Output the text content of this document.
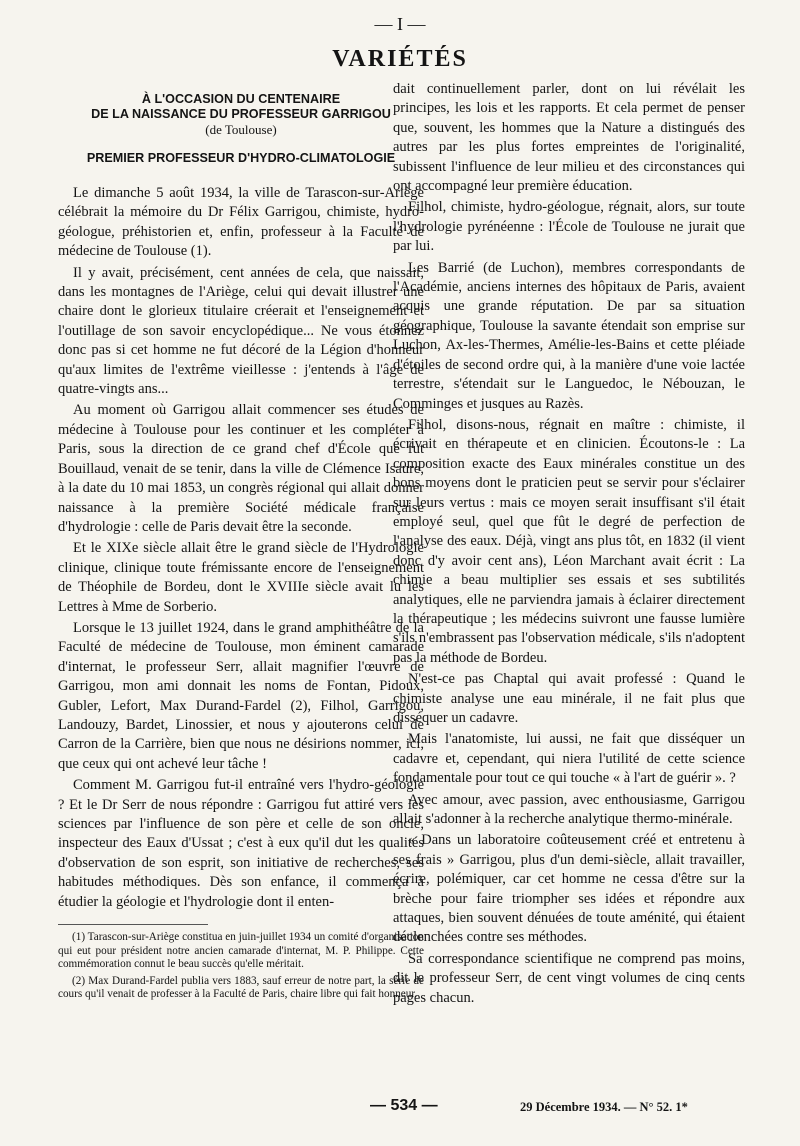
— I —
VARIÉTÉS
À L'OCCASION DU CENTENAIRE
DE LA NAISSANCE DU PROFESSEUR GARRIGOU
(de Toulouse)
PREMIER PROFESSEUR D'HYDRO-CLIMATOLOGIE

Le dimanche 5 août 1934, la ville de Tarascon-sur-Ariège célébrait la mémoire du Dr Félix Garrigou, chimiste, hydro-géologue, préhistorien et, enfin, professeur à la Faculté de médecine de Toulouse (1).

Il y avait, précisément, cent années de cela, que naissait, dans les montagnes de l'Ariège, celui qui devait illustrer une chaire dont le glorieux titulaire créerait et l'enseignement et l'outillage de son savoir encyclopédique... Ne vous étonnez donc pas si cet homme ne fut décoré de la Légion d'honneur qu'aux limites de l'extrême vieillesse : j'entends à l'âge de quatre-vingts ans...

Au moment où Garrigou allait commencer ses études de médecine à Toulouse pour les continuer et les compléter à Paris, sous la direction de ce grand chef d'École que fut Bouillaud, venait de se tenir, dans la ville de Clémence Isaure, à la date du 10 mai 1853, un congrès régional qui allait donner naissance à la première Société médicale française d'hydrologie : celle de Paris devait être la seconde.

Et le XIXe siècle allait être le grand siècle de l'Hydrologie clinique, clinique toute frémissante encore de l'enseignement de Théophile de Bordeu, dont le XVIIIe siècle avait lu les Lettres à Mme de Sorberio.

Lorsque le 13 juillet 1924, dans le grand amphithéâtre de la Faculté de médecine de Toulouse, mon éminent camarade d'internat, le professeur Serr, allait magnifier l'œuvre de Garrigou, mon ami donnait les noms de Fontan, Pidoux, Gubler, Lefort, Max Durand-Fardel (2), Filhol, Garrigou, Landouzy, Bardet, Linossier, et nous y ajouterons celui de Carron de la Carrière, bien que nous ne désirions nommer, ici, que ceux qui ont achevé leur tâche !

Comment M. Garrigou fut-il entraîné vers l'hydro-géologie ? Et le Dr Serr de nous répondre : Garrigou fut attiré vers les sciences par l'influence de son père et celle de son oncle, inspecteur des Eaux d'Ussat ; c'est à eux qu'il dut les qualités d'observation de son esprit, son initiative de recherches, ses habitudes méthodiques. Dès son enfance, il commença à étudier la géologie et l'hydrologie dont il enten-

(1) Tarascon-sur-Ariège constitua en juin-juillet 1934 un comité d'organisation qui eut pour président notre ancien camarade d'internat, M. P. Philippe. Cette commémoration connut le beau succès qu'elle méritait.

(2) Max Durand-Fardel publia vers 1883, sauf erreur de notre part, la série de cours qu'il venait de professer à la Faculté de Paris, chaire libre qui fait honneur.

dait continuellement parler, dont on lui révélait les principes, les lois et les rapports. Et cela permet de penser que, souvent, les hommes que la Nature a distingués des autres par les plus fortes empreintes de l'originalité, subissent l'influence de leur milieu et des circonstances qui ont accompagné leur première éducation.

Filhol, chimiste, hydro-géologue, régnait, alors, sur toute l'hydrologie pyrénéenne : l'École de Toulouse ne jurait que par lui.

Les Barrié (de Luchon), membres correspondants de l'Académie, anciens internes des hôpitaux de Paris, avaient acquis une grande réputation. De par sa situation géographique, Toulouse la savante étendait son emprise sur Luchon, Ax-les-Thermes, Amélie-les-Bains et cette pléiade d'étoiles de second ordre qui, à la manière d'une voie lactée terrestre, s'étendait sur le Languedoc, le Nébouzan, le Comminges et jusques au Razès.

Filhol, disons-nous, régnait en maître : chimiste, il écrivait en thérapeute et en clinicien. Écoutons-le : La composition exacte des Eaux minérales constitue un des bons moyens dont le praticien peut se servir pour s'éclairer sur leurs vertus : mais ce moyen serait insuffisant s'il était employé seul, quel que fût le degré de perfection de l'analyse des eaux. Déjà, vingt ans plus tôt, en 1832 (il vient donc d'y avoir cent ans), Léon Marchant avait écrit : La chimie a beau multiplier ses essais et ses subtilités analytiques, elle ne parviendra jamais à éclairer directement la thérapeutique ; les médecins suivront une fausse lumière s'ils n'embrassent pas l'observation médicale, s'ils n'adoptent pas la méthode de Bordeu.

N'est-ce pas Chaptal qui avait professé : Quand le chimiste analyse une eau minérale, il ne fait plus que disséquer un cadavre.

Mais l'anatomiste, lui aussi, ne fait que disséquer un cadavre et, cependant, qui niera l'utilité de cette science fondamentale pour tout ce qui touche « à l'art de guérir ». ?

Avec amour, avec passion, avec enthousiasme, Garrigou allait s'adonner à la recherche analytique thermo-minérale.

« Dans un laboratoire coûteusement créé et entretenu à ses frais » Garrigou, plus d'un demi-siècle, allait travailler, écrire, polémiquer, car cet homme ne cessa d'être sur la brèche pour faire triompher ses idées et répondre aux attaques, bien souvent dénuées de toute aménité, qui étaient déclenchées contre ses méthodes.

Sa correspondance scientifique ne comprend pas moins, dit le professeur Serr, de cent vingt volumes de cinq cents pages chacun.

— 534 —	29 Décembre 1934. — N° 52. 1*
